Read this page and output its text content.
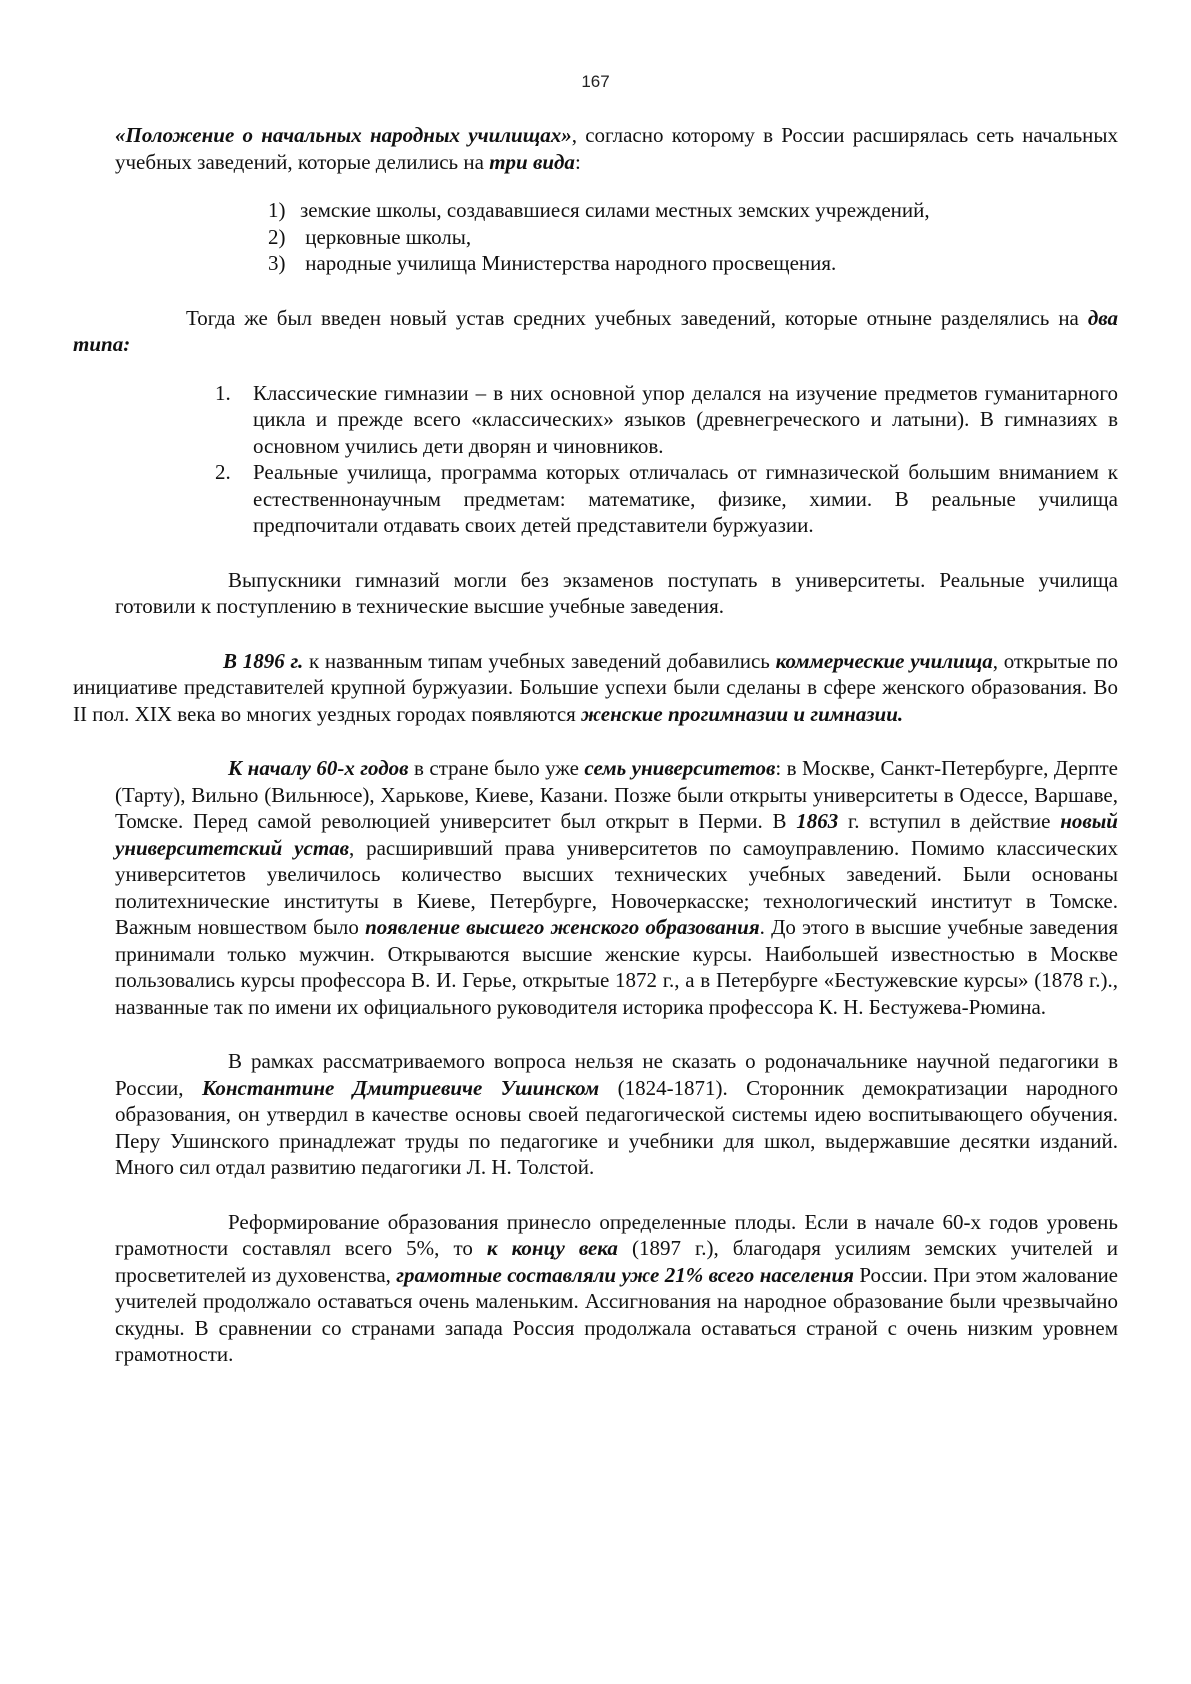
167

«Положение о начальных народных училищах», согласно которому в России расширялась сеть начальных учебных заведений, которые делились на три вида:

1) земские школы, создававшиеся силами местных земских учреждений,
2) церковные школы,
3) народные училища Министерства народного просвещения.

Тогда же был введен новый устав средних учебных заведений, которые отныне разделялись на два типа:

1.	Классические гимназии – в них основной упор делался на изучение предметов гуманитарного цикла и прежде всего «классических» языков (древнегреческого и латыни). В гимназиях в основном учились дети дворян и чиновников.
2.	Реальные училища, программа которых отличалась от гимназической большим вниманием к естественнонаучным предметам: математике, физике, химии. В реальные училища предпочитали отдавать своих детей представители буржуазии.

Выпускники гимназий могли без экзаменов поступать в университеты. Реальные училища готовили к поступлению в технические высшие учебные заведения.

В 1896 г. к названным типам учебных заведений добавились коммерческие училища, открытые по инициативе представителей крупной буржуазии. Большие успехи были сделаны в сфере женского образования. Во II пол. XIX века во многих уездных городах появляются женские прогимназии и гимназии.

К началу 60-х годов в стране было уже семь университетов: в Москве, Санкт-Петербурге, Дерпте (Тарту), Вильно (Вильнюсе), Харькове, Киеве, Казани. Позже были открыты университеты в Одессе, Варшаве, Томске. Перед самой революцией университет был открыт в Перми. В 1863 г. вступил в действие новый университетский устав, расширивший права университетов по самоуправлению. Помимо классических университетов увеличилось количество высших технических учебных заведений. Были основаны политехнические институты в Киеве, Петербурге, Новочеркасске; технологический институт в Томске. Важным новшеством было появление высшего женского образования. До этого в высшие учебные заведения принимали только мужчин. Открываются высшие женские курсы. Наибольшей известностью в Москве пользовались курсы профессора В. И. Герье, открытые 1872 г., а в Петербурге «Бестужевские курсы» (1878 г.)., названные так по имени их официального руководителя историка профессора К. Н. Бестужева-Рюмина.

В рамках рассматриваемого вопроса нельзя не сказать о родоначальнике научной педагогики в России, Константине Дмитриевиче Ушинском (1824-1871). Сторонник демократизации народного образования, он утвердил в качестве основы своей педагогической системы идею воспитывающего обучения. Перу Ушинского принадлежат труды по педагогике и учебники для школ, выдержавшие десятки изданий. Много сил отдал развитию педагогики Л. Н. Толстой.

Реформирование образования принесло определенные плоды. Если в начале 60-х годов уровень грамотности составлял всего 5%, то к концу века (1897 г.), благодаря усилиям земских учителей и просветителей из духовенства, грамотные составляли уже 21% всего населения России. При этом жалование учителей продолжало оставаться очень маленьким. Ассигнования на народное образование были чрезвычайно скудны. В сравнении со странами запада Россия продолжала оставаться страной с очень низким уровнем грамотности.
